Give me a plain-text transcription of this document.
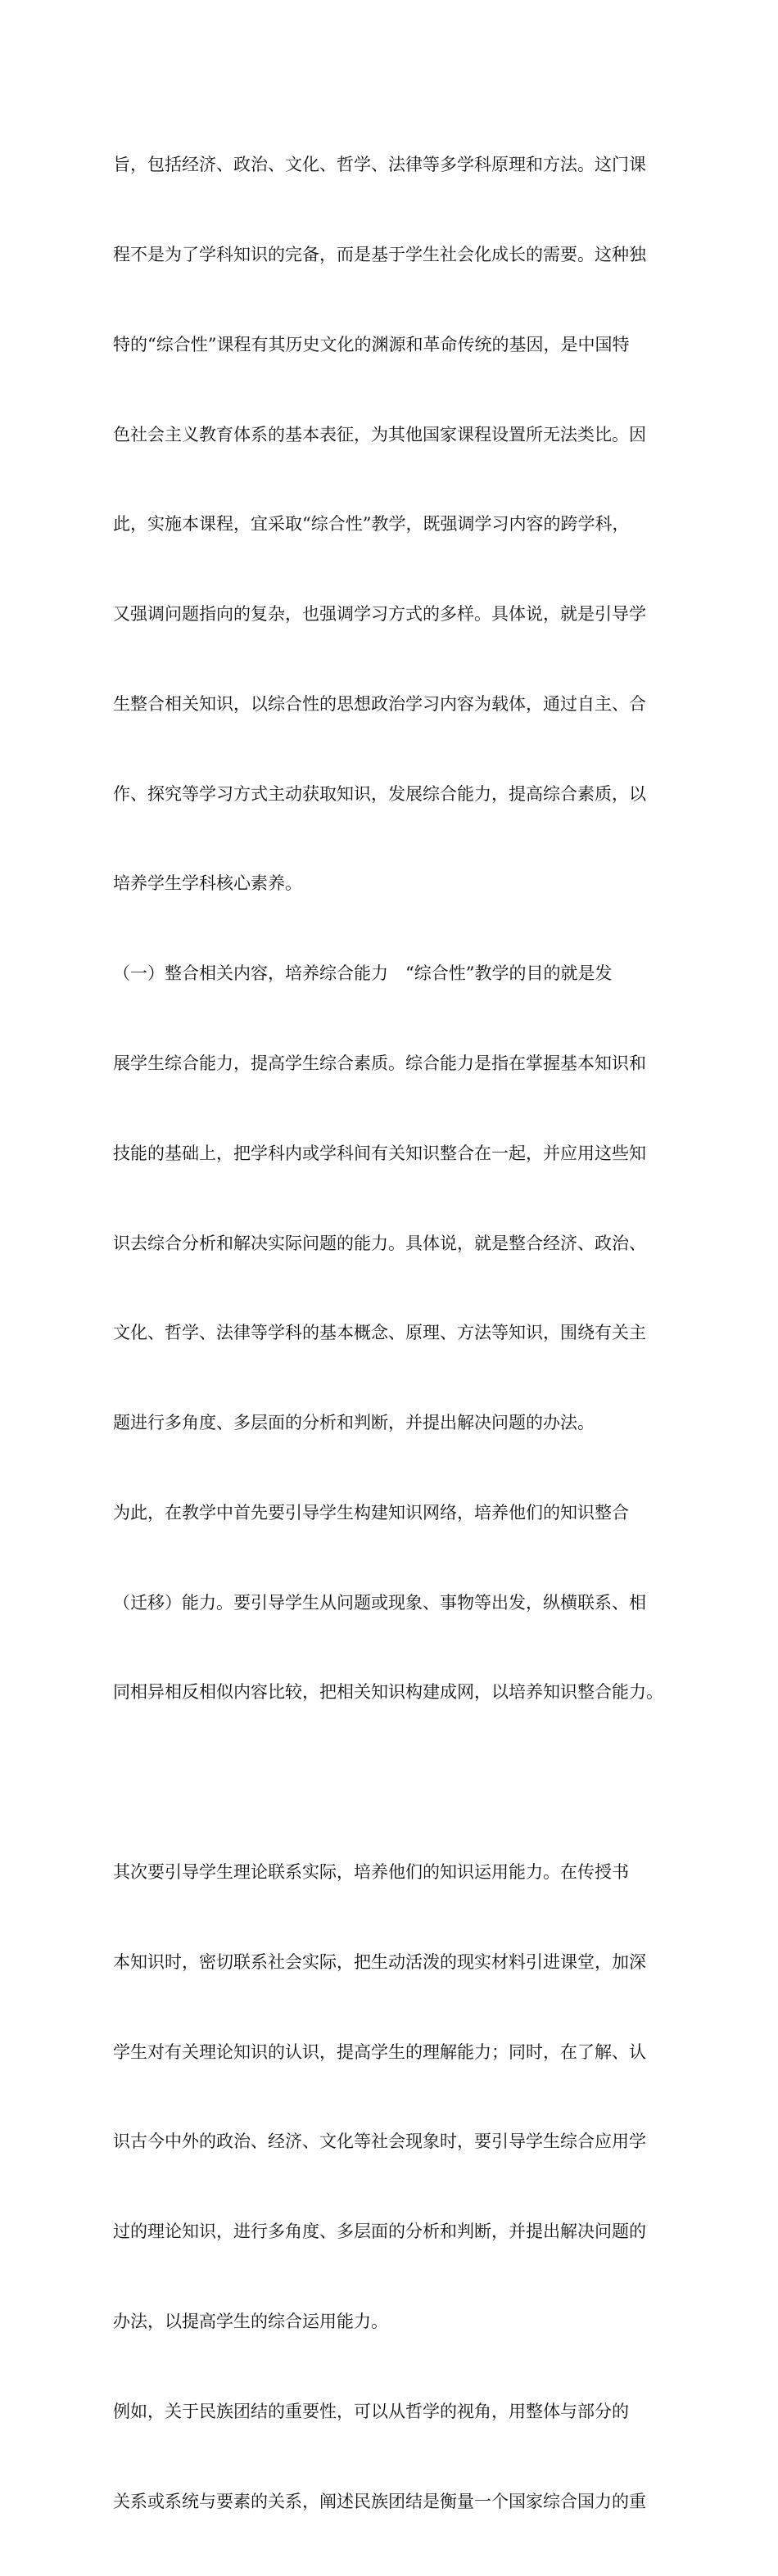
旨，包括经济、政治、文化、哲学、法律等多学科原理和方法。这门课

程不是为了学科知识的完备，而是基于学生社会化成长的需要。这种独

特的“综合性”课程有其历史文化的渊源和革命传统的基因，是中国特

色社会主义教育体系的基本表征，为其他国家课程设置所无法类比。因

此，实施本课程，宜采取“综合性”教学，既强调学习内容的跨学科，

又强调问题指向的复杂，也强调学习方式的多样。具体说，就是引导学

生整合相关知识，以综合性的思想政治学习内容为载体，通过自主、合

作、探究等学习方式主动获取知识，发展综合能力，提高综合素质，以

培养学生学科核心素养。

（一）整合相关内容，培养综合能力　“综合性”教学的目的就是发

展学生综合能力，提高学生综合素质。综合能力是指在掌握基本知识和

技能的基础上，把学科内或学科间有关知识整合在一起，并应用这些知

识去综合分析和解决实际问题的能力。具体说，就是整合经济、政治、

文化、哲学、法律等学科的基本概念、原理、方法等知识，围绕有关主

题进行多角度、多层面的分析和判断，并提出解决问题的办法。

为此，在教学中首先要引导学生构建知识网络，培养他们的知识整合

（迁移）能力。要引导学生从问题或现象、事物等出发，纵横联系、相

同相异相反相似内容比较，把相关知识构建成网，以培养知识整合能力。

其次要引导学生理论联系实际，培养他们的知识运用能力。在传授书

本知识时，密切联系社会实际，把生动活泼的现实材料引进课堂，加深

学生对有关理论知识的认识，提高学生的理解能力；同时，在了解、认

识古今中外的政治、经济、文化等社会现象时，要引导学生综合应用学

过的理论知识，进行多角度、多层面的分析和判断，并提出解决问题的

办法，以提高学生的综合运用能力。

例如，关于民族团结的重要性，可以从哲学的视角，用整体与部分的

关系或系统与要素的关系，阐述民族团结是衡量一个国家综合国力的重
